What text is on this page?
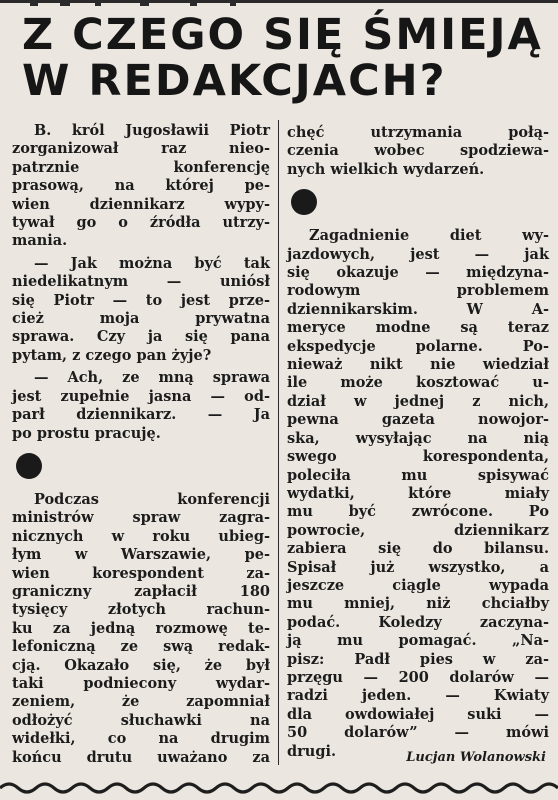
Z CZEGO SIĘ ŚMIEJĄ
W REDAKCJACH?

B. król Jugosławii Piotr
zorganizował raz nieo-
patrznie konferencję
prasową, na której pe-
wien dziennikarz wypy-
tywał go o źródła utrzy-
mania.

— Jak można być tak
niedelikatnym — uniósł
się Piotr — to jest prze-
cież moja prywatna
sprawa. Czy ja się pana
pytam, z czego pan żyje?

— Ach, ze mną sprawa
jest zupełnie jasna — od-
parł dziennikarz. — Ja
po prostu pracuję.

Podczas konferencji
ministrów spraw zagra-
nicznych w roku ubieg-
łym w Warszawie, pe-
wien korespondent za-
graniczny zapłacił 180
tysięcy złotych rachun-
ku za jedną rozmowę te-
lefoniczną ze swą redak-
cją. Okazało się, że był
taki podniecony wydar-
zeniem, że zapomniał
odłożyć słuchawki na
widełki, co na drugim
końcu drutu uważano za

chęć utrzymania połą-
czenia wobec spodziewa-
nych wielkich wydarzeń.

Zagadnienie diet wy-
jazdowych, jest — jak
się okazuje — międzyna-
rodowym problemem
dziennikarskim. W A-
meryce modne są teraz
ekspedycje polarne. Po-
nieważ nikt nie wiedział
ile może kosztować u-
dział w jednej z nich,
pewna gazeta nowojor-
ska, wysyłając na nią
swego korespondenta,
poleciła mu spisywać
wydatki, które miały
mu być zwrócone. Po
powrocie, dziennikarz
zabiera się do bilansu.
Spisał już wszystko, a
jeszcze ciągle wypada
mu mniej, niż chciałby
podać. Koledzy zaczyna-
ją mu pomagać. „Na-
pisz: Padł pies w za-
przęgu — 200 dolarów —
radzi jeden. — Kwiaty
dla owdowiałej suki —
50 dolarów” — mówi
drugi.	Lucjan Wolanowski
